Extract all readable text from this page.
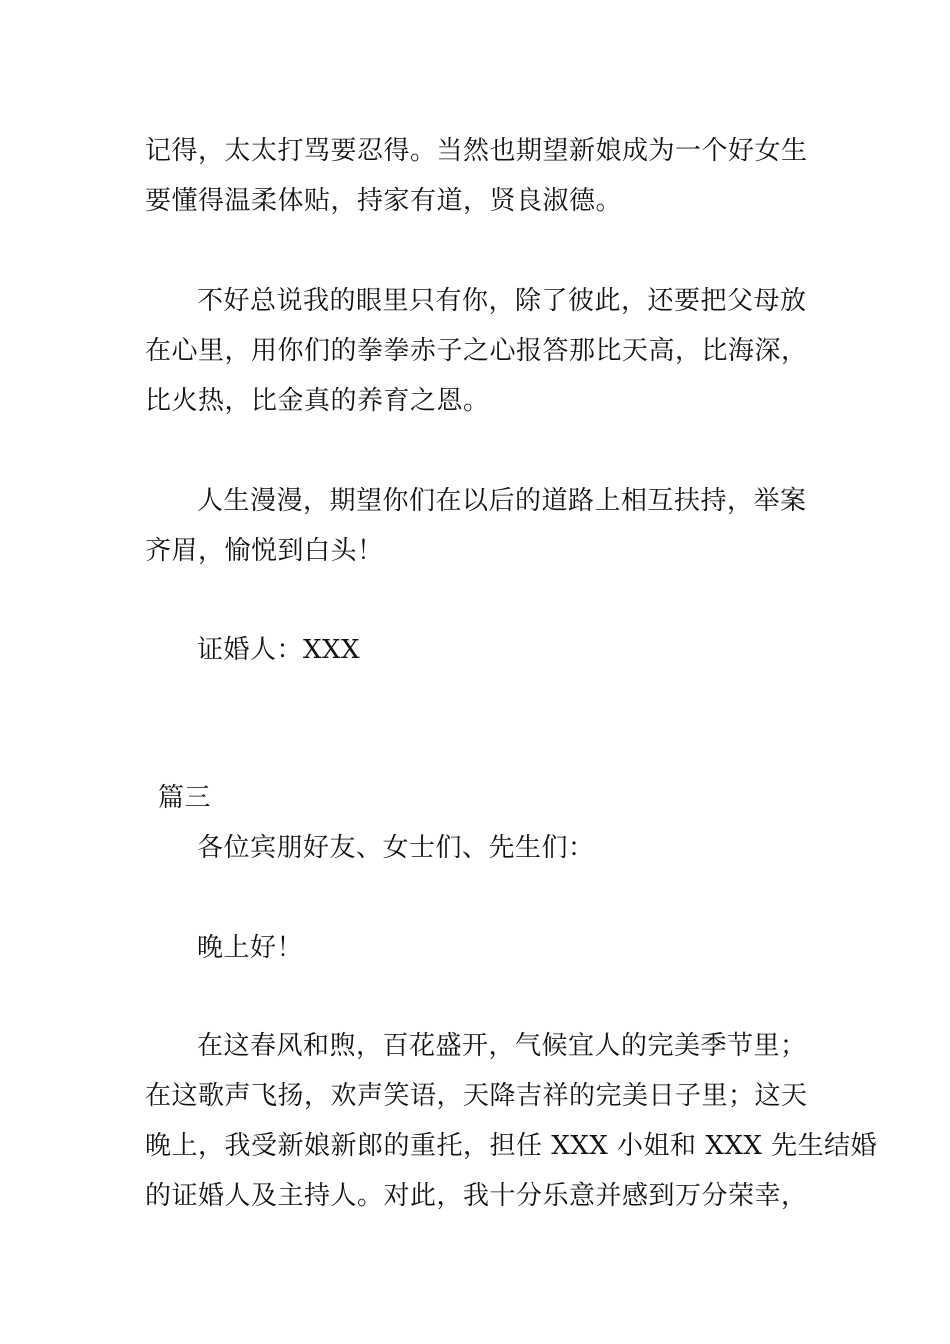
记得，太太打骂要忍得。当然也期望新娘成为一个好女生
要懂得温柔体贴，持家有道，贤良淑德。
不好总说我的眼里只有你，除了彼此，还要把父母放
在心里，用你们的拳拳赤子之心报答那比天高，比海深，
比火热，比金真的养育之恩。
人生漫漫，期望你们在以后的道路上相互扶持，举案
齐眉，愉悦到白头！
证婚人：XXX
篇三
各位宾朋好友、女士们、先生们：
晚上好！
在这春风和煦，百花盛开，气候宜人的完美季节里；
在这歌声飞扬，欢声笑语，天降吉祥的完美日子里；这天
晚上，我受新娘新郎的重托，担任 XXX 小姐和 XXX 先生结婚
的证婚人及主持人。对此，我十分乐意并感到万分荣幸，
